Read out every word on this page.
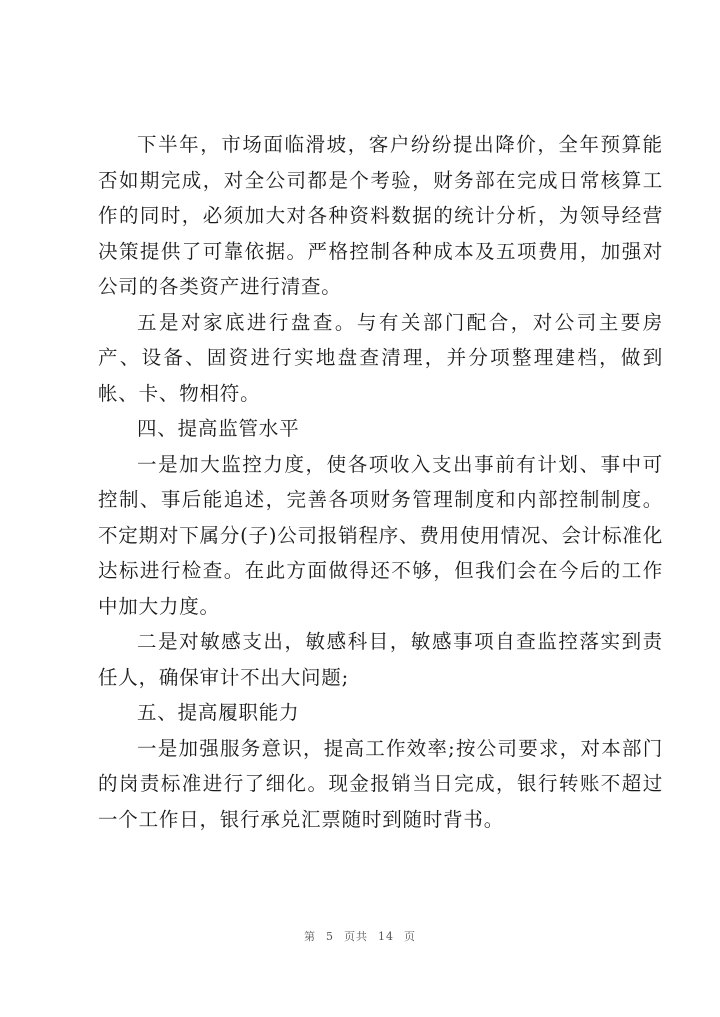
下半年，市场面临滑坡，客户纷纷提出降价，全年预算能否如期完成，对全公司都是个考验，财务部在完成日常核算工作的同时，必须加大对各种资料数据的统计分析，为领导经营决策提供了可靠依据。严格控制各种成本及五项费用，加强对公司的各类资产进行清查。

五是对家底进行盘查。与有关部门配合，对公司主要房产、设备、固资进行实地盘查清理，并分项整理建档，做到帐、卡、物相符。

四、提高监管水平

一是加大监控力度，使各项收入支出事前有计划、事中可控制、事后能追述，完善各项财务管理制度和内部控制制度。不定期对下属分(子)公司报销程序、费用使用情况、会计标准化达标进行检查。在此方面做得还不够，但我们会在今后的工作中加大力度。

二是对敏感支出，敏感科目，敏感事项自查监控落实到责任人，确保审计不出大问题;

五、提高履职能力

一是加强服务意识，提高工作效率;按公司要求，对本部门的岗责标准进行了细化。现金报销当日完成，银行转账不超过一个工作日，银行承兑汇票随时到随时背书。

第 5 页共 14 页
